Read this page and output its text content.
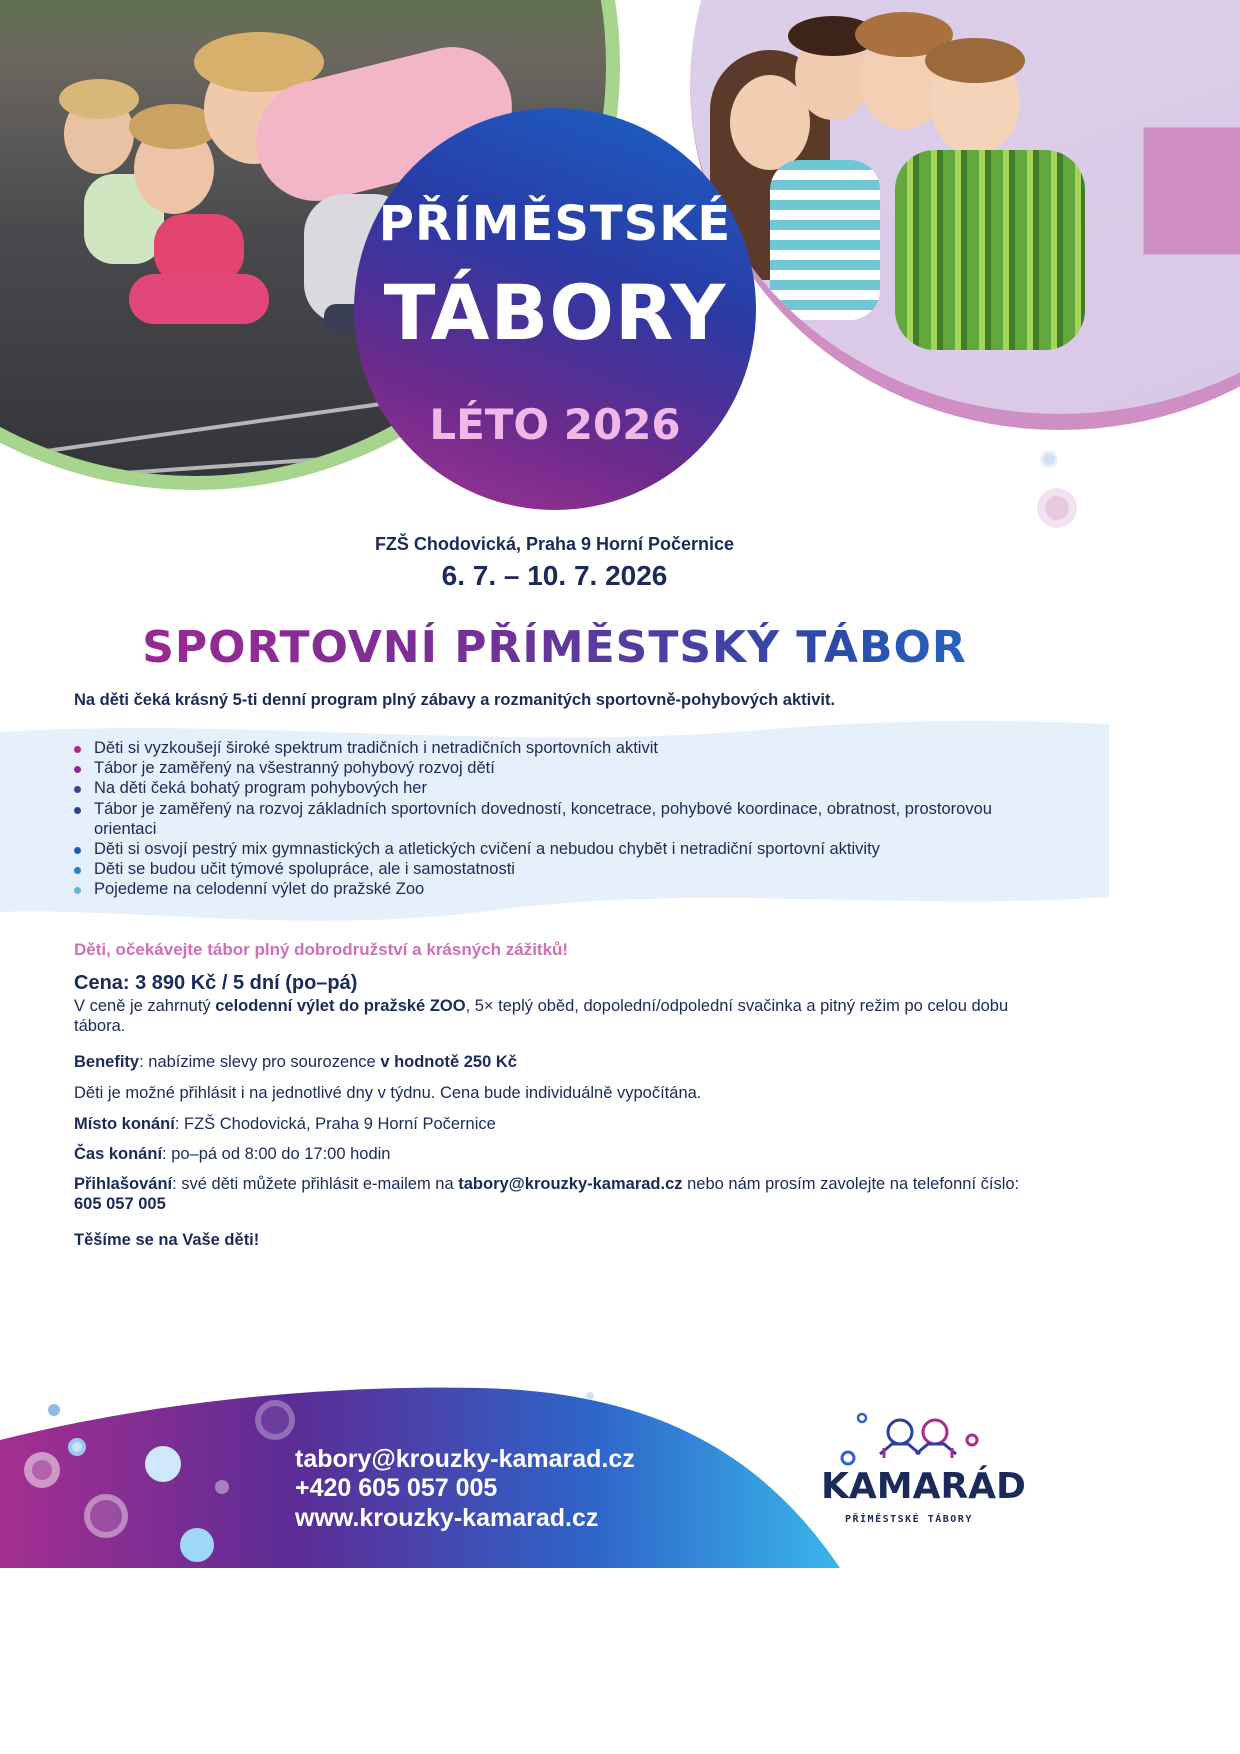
PŘÍMĚSTSKÉ
TÁBORY
LÉTO 2026
FZŠ Chodovická, Praha 9 Horní Počernice
6. 7. – 10. 7. 2026
SPORTOVNÍ PŘÍMĚSTSKÝ TÁBOR
Na děti čeká krásný 5-ti denní program plný zábavy a rozmanitých sportovně-pohybových aktivit.
Děti si vyzkoušejí široké spektrum tradičních i netradičních sportovních aktivit
Tábor je zaměřený na všestranný pohybový rozvoj dětí
Na děti čeká bohatý program pohybových her
Tábor je zaměřený na rozvoj základních sportovních dovedností, koncetrace, pohybové koordinace, obratnost, prostorovou orientaci
Děti si osvojí pestrý mix gymnastických a atletických cvičení a nebudou chybět i netradiční sportovní aktivity
Děti se budou učit týmové spolupráce, ale i samostatnosti
Pojedeme na celodenní výlet do pražské Zoo
Děti, očekávejte tábor plný dobrodružství a krásných zážitků!
Cena: 3 890 Kč / 5 dní (po–pá)
V ceně je zahrnutý celodenní výlet do pražské ZOO, 5× teplý oběd, dopolední/odpolední svačinka a pitný režim po celou dobu tábora.
Benefity: nabízime slevy pro sourozence v hodnotě 250 Kč
Děti je možné přihlásit i na jednotlivé dny v týdnu. Cena bude individuálně vypočítána.
Místo konání: FZŠ Chodovická, Praha 9 Horní Počernice
Čas konání: po–pá od 8:00 do 17:00 hodin
Přihlašování: své děti můžete přihlásit e-mailem na tabory@krouzky-kamarad.cz nebo nám prosím zavolejte na telefonní číslo: 605 057 005
Těšíme se na Vaše děti!
tabory@krouzky-kamarad.cz
+420 605 057 005
www.krouzky-kamarad.cz
KAMARÁD
PŘÍMĚSTSKÉ TÁBORY
